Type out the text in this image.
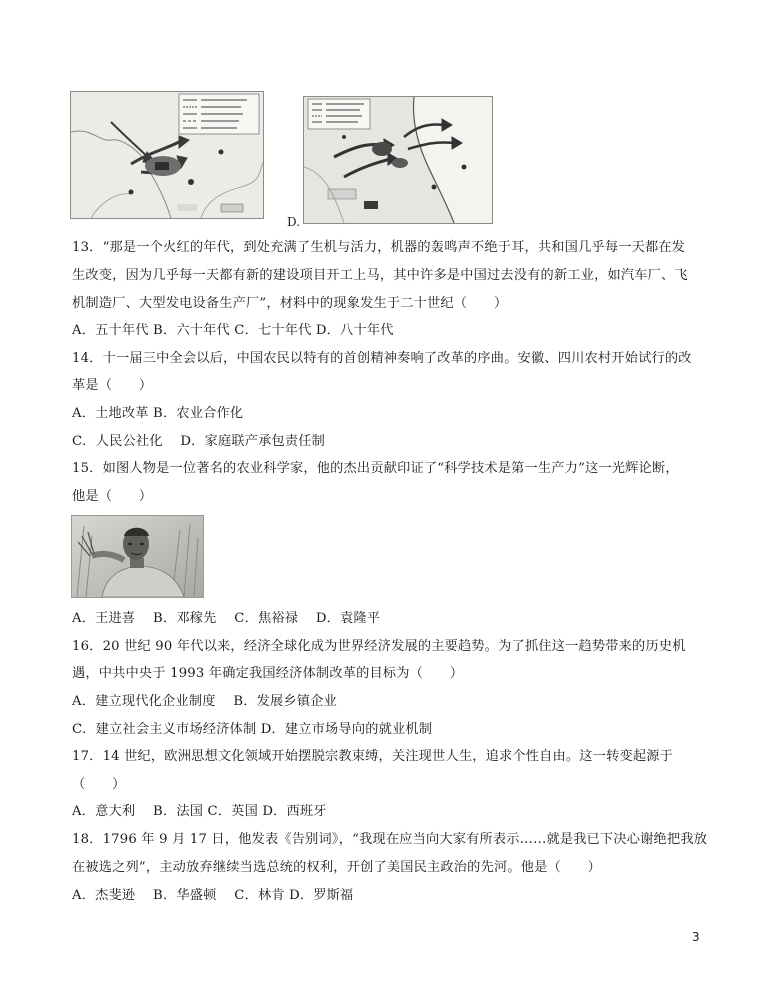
D.
13．“那是一个火红的年代，到处充满了生机与活力，机器的轰鸣声不绝于耳，共和国几乎每一天都在发
生改变，因为几乎每一天都有新的建设项目开工上马，其中许多是中国过去没有的新工业，如汽车厂、飞
机制造厂、大型发电设备生产厂”，材料中的现象发生于二十世纪（　　）
A．五十年代 B．六十年代 C．七十年代 D．八十年代
14．十一届三中全会以后，中国农民以特有的首创精神奏响了改革的序曲。安徽、四川农村开始试行的改
革是（　　）
A．土地改革 B．农业合作化
C．人民公社化　 D．家庭联产承包责任制
15．如图人物是一位著名的农业科学家，他的杰出贡献印证了“科学技术是第一生产力”这一光辉论断，
他是（　　）
A．王进喜　 B．邓稼先　 C．焦裕禄　 D．袁隆平
16．20 世纪 90 年代以来，经济全球化成为世界经济发展的主要趋势。为了抓住这一趋势带来的历史机
遇，中共中央于 1993 年确定我国经济体制改革的目标为（　　）
A．建立现代化企业制度　 B．发展乡镇企业
C．建立社会主义市场经济体制 D．建立市场导向的就业机制
17．14 世纪，欧洲思想文化领域开始摆脱宗教束缚，关注现世人生，追求个性自由。这一转变起源于
（　　）
A．意大利　 B．法国 C．英国 D．西班牙
18．1796 年 9 月 17 日，他发表《告别词》，“我现在应当向大家有所表示……就是我已下决心谢绝把我放
在被选之列”，主动放弃继续当选总统的权利，开创了美国民主政治的先河。他是（　　）
A．杰斐逊　 B．华盛顿　 C．林肯 D．罗斯福
3
